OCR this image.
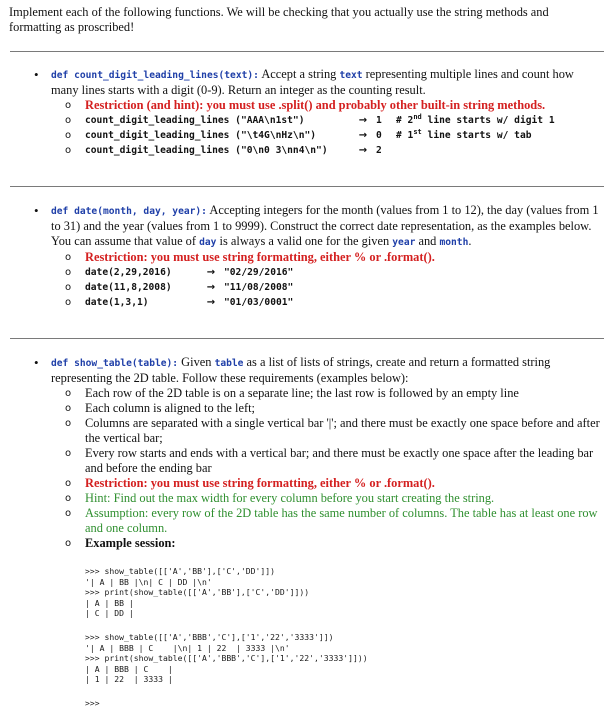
Implement each of the following functions. We will be checking that you actually use the string methods and formatting as proscribed!
• def count_digit_leading_lines(text): Accept a string text representing multiple lines and count how many lines starts with a digit (0-9). Return an integer as the counting result.
o Restriction (and hint): you must use .split() and probably other built-in string methods.
o count_digit_leading_lines ("AAA\n1st")	→ 1	# 2nd line starts w/ digit 1
o count_digit_leading_lines ("\t4G\nHz\n")	→ 0	# 1st line starts w/ tab
o count_digit_leading_lines ("0\n0 3\nn4\n")	→ 2
• def date(month, day, year): Accepting integers for the month (values from 1 to 12), the day (values from 1 to 31) and the year (values from 1 to 9999). Construct the correct date representation, as the examples below. You can assume that value of day is always a valid one for the given year and month.
o Restriction: you must use string formatting, either % or .format().
o date(2,29,2016)	→ "02/29/2016"
o date(11,8,2008)	→ "11/08/2008"
o date(1,3,1)	→ "01/03/0001"
• def show_table(table): Given table as a list of lists of strings, create and return a formatted string representing the 2D table. Follow these requirements (examples below):
o Each row of the 2D table is on a separate line; the last row is followed by an empty line
o Each column is aligned to the left;
o Columns are separated with a single vertical bar '|'; and there must be exactly one space before and after the vertical bar;
o Every row starts and ends with a vertical bar; and there must be exactly one space after the leading bar and before the ending bar
o Restriction: you must use string formatting, either % or .format().
o Hint: Find out the max width for every column before you start creating the string.
o Assumption: every row of the 2D table has the same number of columns. The table has at least one row and one column.
o Example session:
>>> show_table([['A','BB'],['C','DD']])
'| A | BB |\n| C | DD |\n'
>>> print(show_table([['A','BB'],['C','DD']]))
| A | BB |
| C | DD |
>>> show_table([['A','BBB','C'],['1','22','3333']])
'| A | BBB | C    |\n| 1 | 22  | 3333 |\n'
>>> print(show_table([['A','BBB','C'],['1','22','3333']]))
| A | BBB | C    |
| 1 | 22  | 3333 |
>>>
